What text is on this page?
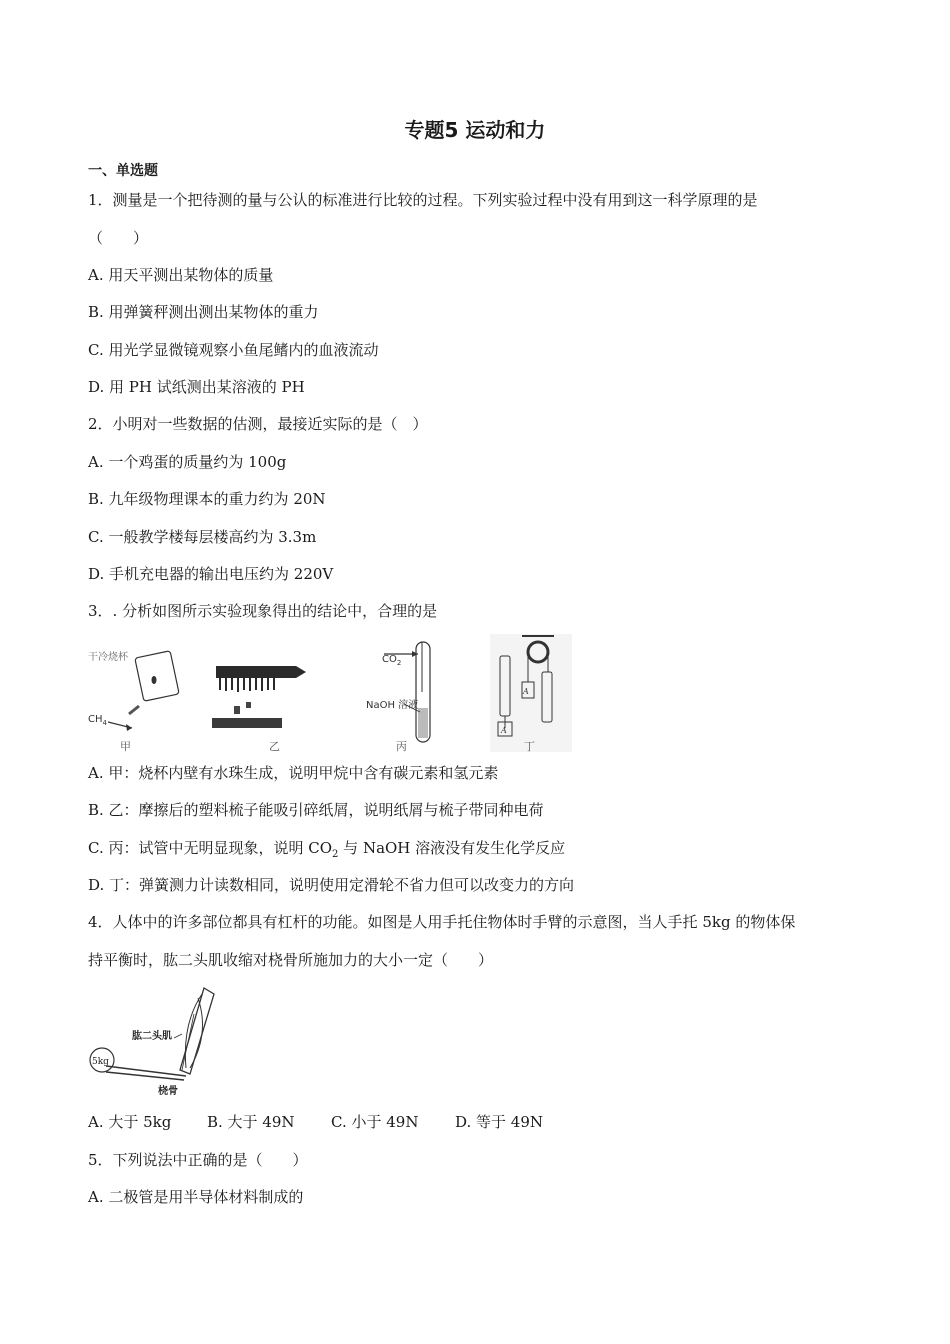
专题5 运动和力
一、单选题
1．测量是一个把待测的量与公认的标准进行比较的过程。下列实验过程中没有用到这一科学原理的是
（　　）
A. 用天平测出某物体的质量
B. 用弹簧秤测出测出某物体的重力
C. 用光学显微镜观察小鱼尾鳍内的血液流动
D. 用 PH 试纸测出某溶液的 PH
2．小明对一些数据的估测，最接近实际的是（　）
A. 一个鸡蛋的质量约为 100g
B. 九年级物理课本的重力约为 20N
C. 一般教学楼每层楼高约为 3.3m
D. 手机充电器的输出电压约为 220V
3．. 分析如图所示实验现象得出的结论中，合理的是
干冷烧杯
$CH_4$
甲	乙
$CO_2$
NaOH 溶液
丙
A
A
丁
A. 甲：烧杯内壁有水珠生成，说明甲烷中含有碳元素和氢元素
B. 乙：摩擦后的塑料梳子能吸引碎纸屑，说明纸屑与梳子带同种电荷
C. 丙：试管中无明显现象，说明 $CO_2$ 与 NaOH 溶液没有发生化学反应
D. 丁：弹簧测力计读数相同，说明使用定滑轮不省力但可以改变力的方向
4．人体中的许多部位都具有杠杆的功能。如图是人用手托住物体时手臂的示意图，当人手托 5kg 的物体保
持平衡时，肱二头肌收缩对桡骨所施加力的大小一定（　　）
5kg
肱二头肌
桡骨
A. 大于 5kg B. 大于 49N C. 小于 49N D. 等于 49N
5．下列说法中正确的是（　　）
A. 二极管是用半导体材料制成的
